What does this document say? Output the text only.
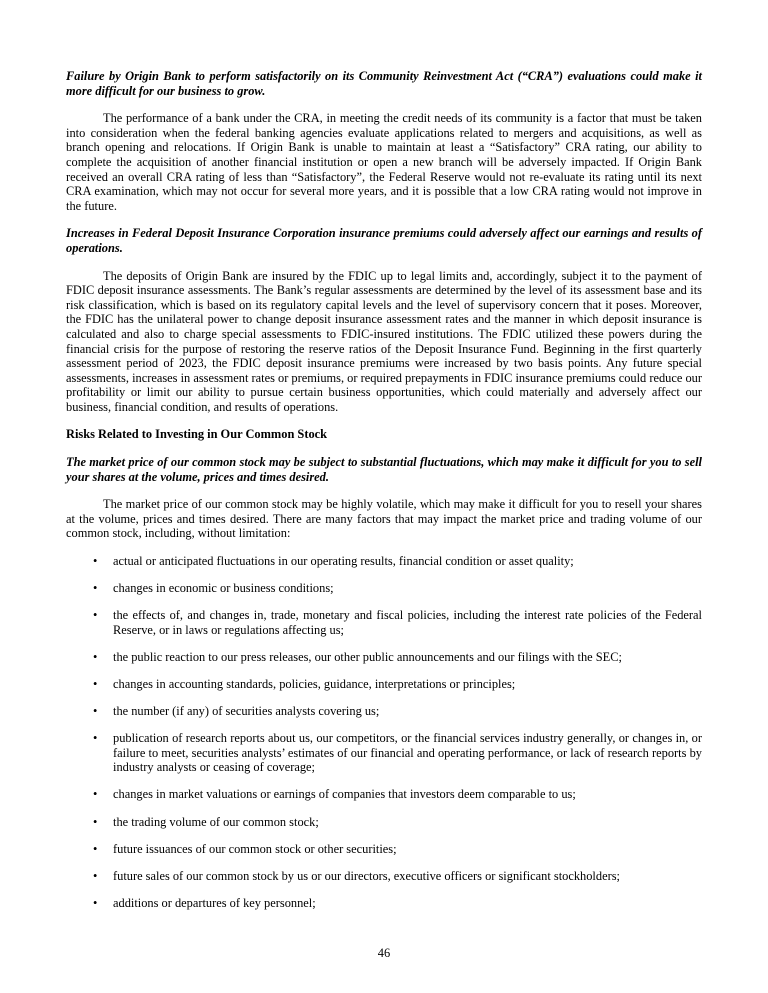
Failure by Origin Bank to perform satisfactorily on its Community Reinvestment Act (“CRA”) evaluations could make it more difficult for our business to grow.

The performance of a bank under the CRA, in meeting the credit needs of its community is a factor that must be taken into consideration when the federal banking agencies evaluate applications related to mergers and acquisitions, as well as branch opening and relocations. If Origin Bank is unable to maintain at least a “Satisfactory” CRA rating, our ability to complete the acquisition of another financial institution or open a new branch will be adversely impacted. If Origin Bank received an overall CRA rating of less than “Satisfactory”, the Federal Reserve would not re-evaluate its rating until its next CRA examination, which may not occur for several more years, and it is possible that a low CRA rating would not improve in the future.

Increases in Federal Deposit Insurance Corporation insurance premiums could adversely affect our earnings and results of operations.

The deposits of Origin Bank are insured by the FDIC up to legal limits and, accordingly, subject it to the payment of FDIC deposit insurance assessments. The Bank’s regular assessments are determined by the level of its assessment base and its risk classification, which is based on its regulatory capital levels and the level of supervisory concern that it poses. Moreover, the FDIC has the unilateral power to change deposit insurance assessment rates and the manner in which deposit insurance is calculated and also to charge special assessments to FDIC-insured institutions. The FDIC utilized these powers during the financial crisis for the purpose of restoring the reserve ratios of the Deposit Insurance Fund. Beginning in the first quarterly assessment period of 2023, the FDIC deposit insurance premiums were increased by two basis points. Any future special assessments, increases in assessment rates or premiums, or required prepayments in FDIC insurance premiums could reduce our profitability or limit our ability to pursue certain business opportunities, which could materially and adversely affect our business, financial condition, and results of operations.

Risks Related to Investing in Our Common Stock
The market price of our common stock may be subject to substantial fluctuations, which may make it difficult for you to sell your shares at the volume, prices and times desired.

The market price of our common stock may be highly volatile, which may make it difficult for you to resell your shares at the volume, prices and times desired. There are many factors that may impact the market price and trading volume of our common stock, including, without limitation:

• actual or anticipated fluctuations in our operating results, financial condition or asset quality;
• changes in economic or business conditions;
• the effects of, and changes in, trade, monetary and fiscal policies, including the interest rate policies of the Federal Reserve, or in laws or regulations affecting us;
• the public reaction to our press releases, our other public announcements and our filings with the SEC;
• changes in accounting standards, policies, guidance, interpretations or principles;
• the number (if any) of securities analysts covering us;
• publication of research reports about us, our competitors, or the financial services industry generally, or changes in, or failure to meet, securities analysts’ estimates of our financial and operating performance, or lack of research reports by industry analysts or ceasing of coverage;
• changes in market valuations or earnings of companies that investors deem comparable to us;
• the trading volume of our common stock;
• future issuances of our common stock or other securities;
• future sales of our common stock by us or our directors, executive officers or significant stockholders;
• additions or departures of key personnel;
46
